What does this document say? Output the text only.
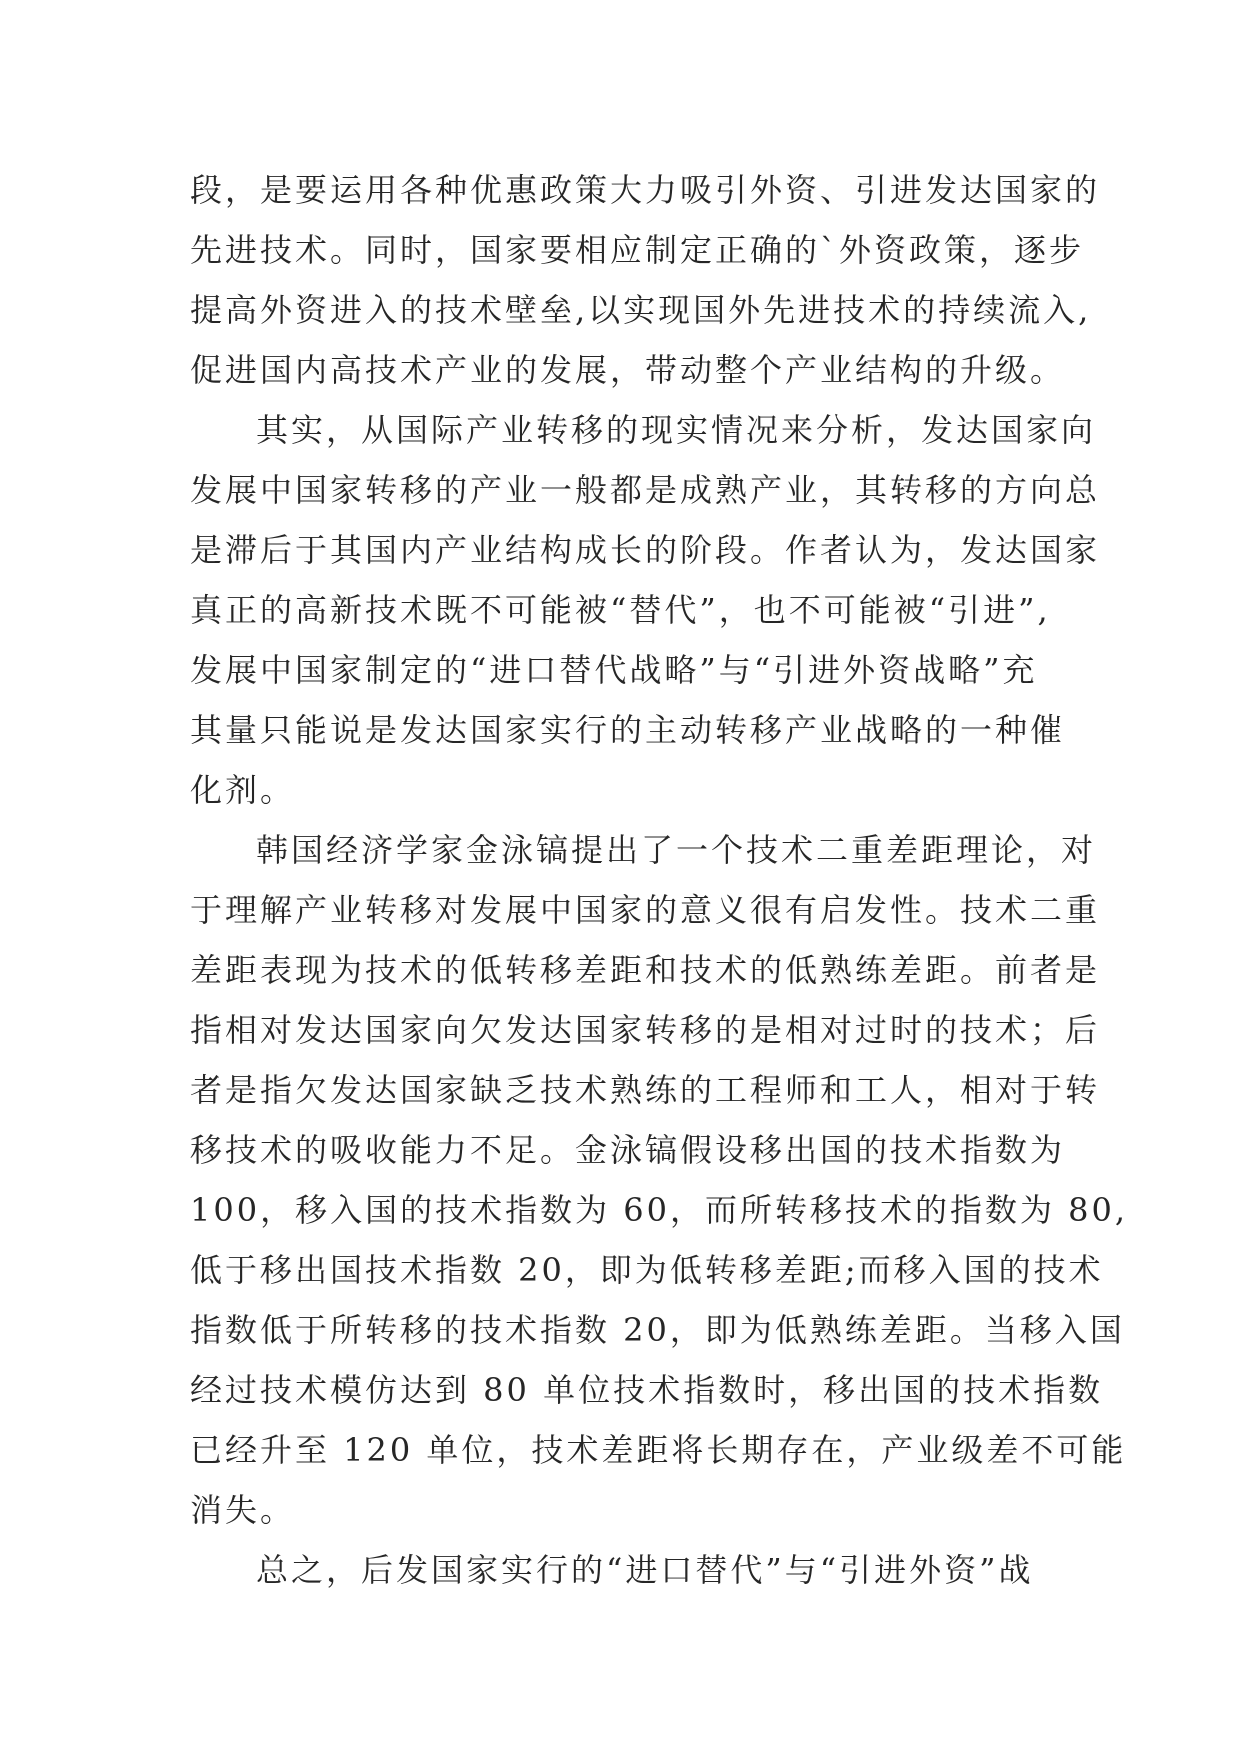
段，是要运用各种优惠政策大力吸引外资、引进发达国家的
先进技术。同时，国家要相应制定正确的`外资政策，逐步
提高外资进入的技术壁垒,以实现国外先进技术的持续流入,
促进国内高技术产业的发展，带动整个产业结构的升级。

其实，从国际产业转移的现实情况来分析，发达国家向
发展中国家转移的产业一般都是成熟产业，其转移的方向总
是滞后于其国内产业结构成长的阶段。作者认为，发达国家
真正的高新技术既不可能被“替代”，也不可能被“引进”,
发展中国家制定的“进口替代战略”与“引进外资战略”充
其量只能说是发达国家实行的主动转移产业战略的一种催
化剂。

韩国经济学家金泳镐提出了一个技术二重差距理论，对
于理解产业转移对发展中国家的意义很有启发性。技术二重
差距表现为技术的低转移差距和技术的低熟练差距。前者是
指相对发达国家向欠发达国家转移的是相对过时的技术；后
者是指欠发达国家缺乏技术熟练的工程师和工人，相对于转
移技术的吸收能力不足。金泳镐假设移出国的技术指数为
100，移入国的技术指数为 60，而所转移技术的指数为 80,
低于移出国技术指数 20，即为低转移差距;而移入国的技术
指数低于所转移的技术指数 20，即为低熟练差距。当移入国
经过技术模仿达到 80 单位技术指数时，移出国的技术指数
已经升至 120 单位，技术差距将长期存在，产业级差不可能
消失。

总之，后发国家实行的“进口替代”与“引进外资”战
